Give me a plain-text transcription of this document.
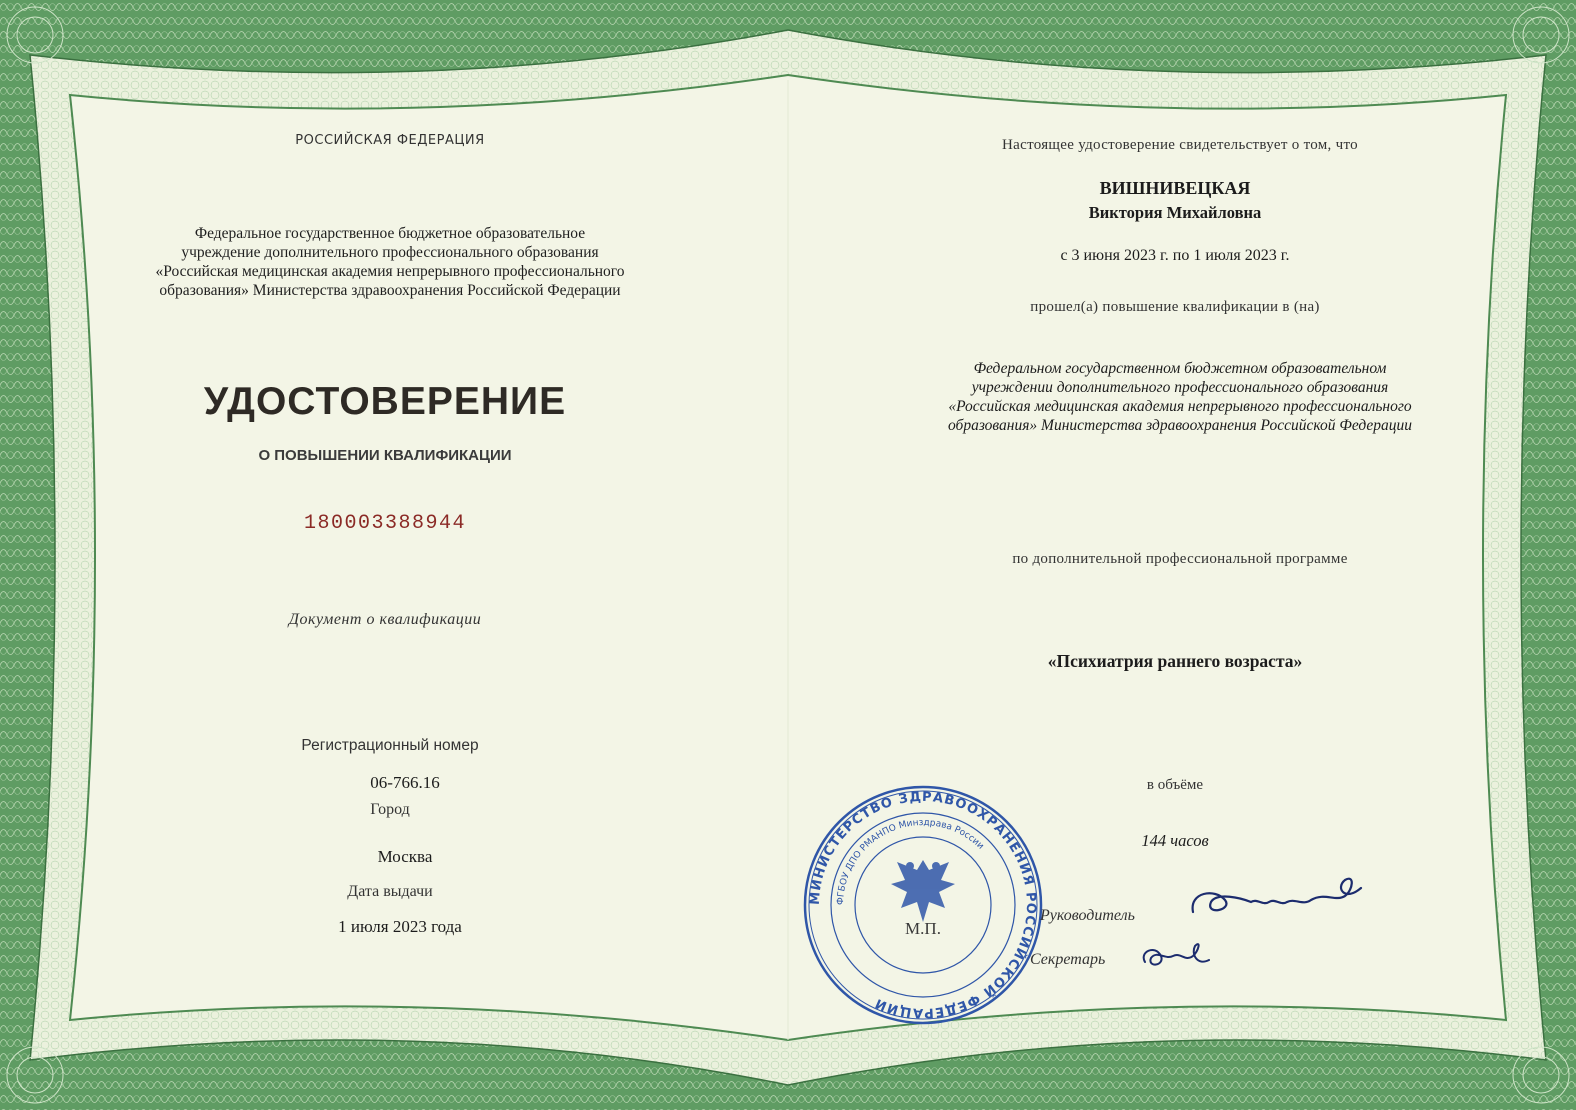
РОССИЙСКАЯ ФЕДЕРАЦИЯ
Федеральное государственное бюджетное образовательное
учреждение дополнительного профессионального образования
«Российская медицинская академия непрерывного профессионального
образования» Министерства здравоохранения Российской Федерации
УДОСТОВЕРЕНИЕ
О ПОВЫШЕНИИ КВАЛИФИКАЦИИ
180003388944
Документ о квалификации
Регистрационный номер
06-766.16
Город
Москва
Дата выдачи
1 июля 2023 года
Настоящее удостоверение свидетельствует о том, что
ВИШНИВЕЦКАЯ
Виктория Михайловна
с 3 июня 2023 г. по 1 июля 2023 г.
прошел(а) повышение квалификации в (на)
Федеральном государственном бюджетном образовательном
учреждении дополнительного профессионального образования
«Российская медицинская академия непрерывного профессионального
образования» Министерства здравоохранения Российской Федерации
по дополнительной профессиональной программе
«Психиатрия раннего возраста»
в объёме
144 часов
МИНИСТЕРСТВО ЗДРАВООХРАНЕНИЯ РОССИЙСКОЙ ФЕДЕРАЦИИ
ФГБОУ ДПО РМАНПО Минздрава России
М.П.
Руководитель
Секретарь
